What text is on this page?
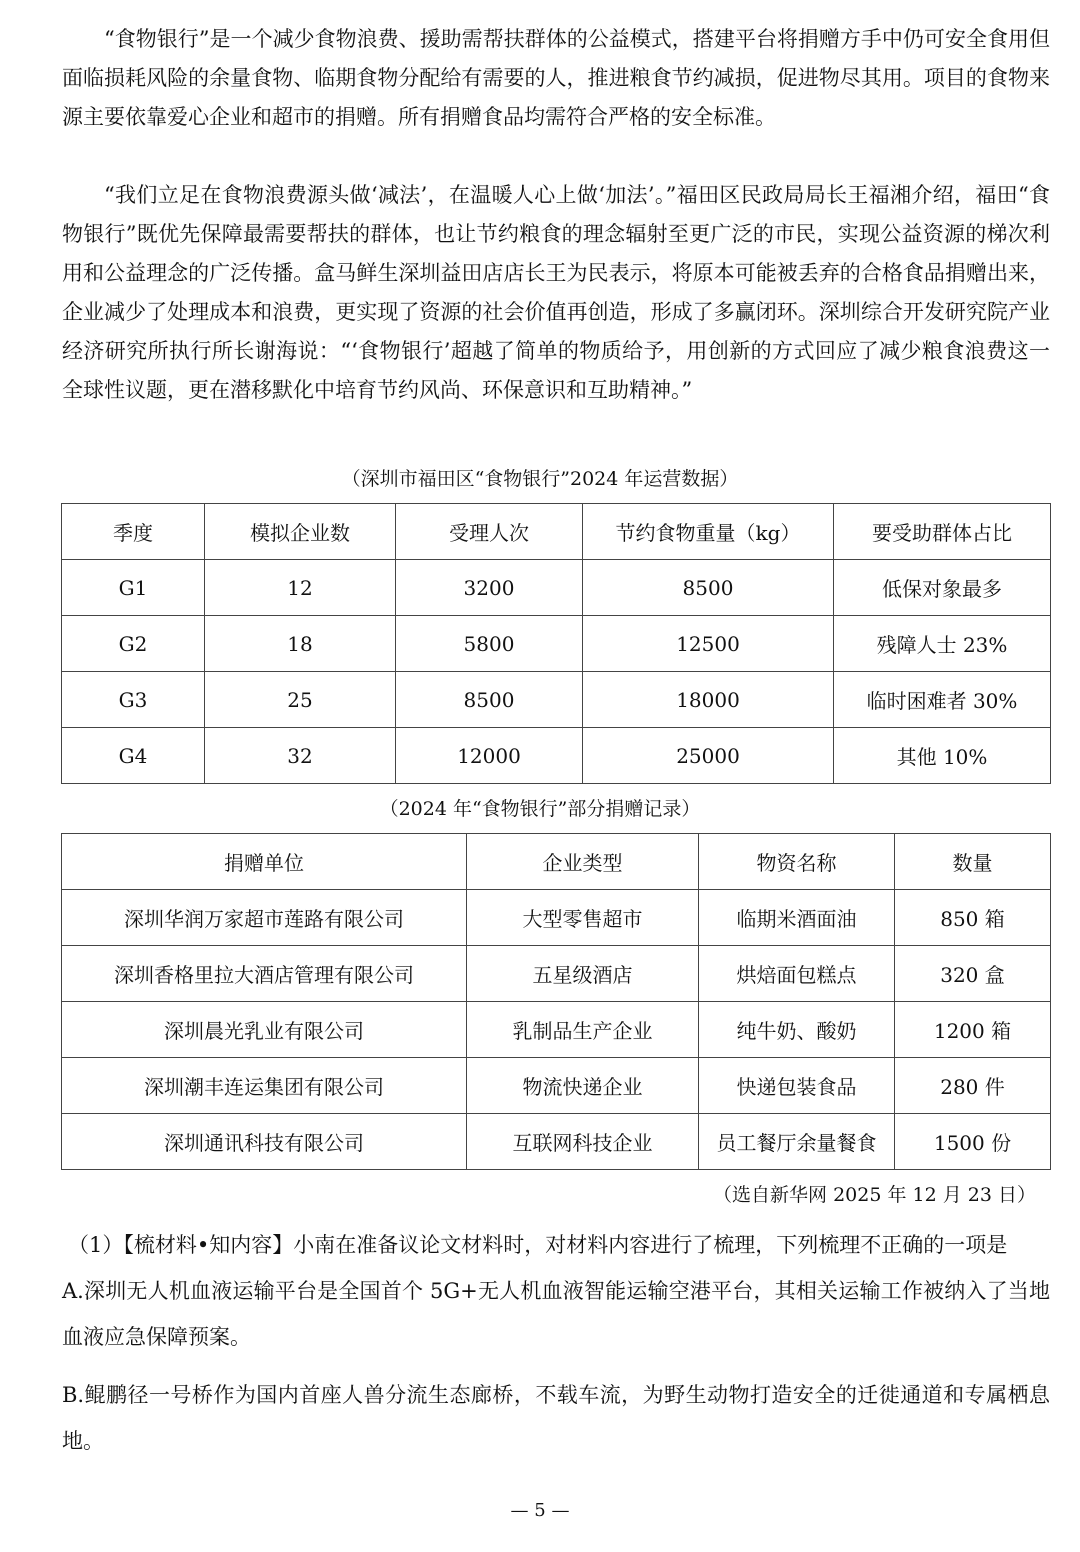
“食物银行”是一个减少食物浪费、援助需帮扶群体的公益模式，搭建平台将捐赠方手中仍可安全食用但面临损耗风险的余量食物、临期食物分配给有需要的人，推进粮食节约减损，促进物尽其用。项目的食物来源主要依靠爱心企业和超市的捐赠。所有捐赠食品均需符合严格的安全标准。

“我们立足在食物浪费源头做‘减法’，在温暖人心上做‘加法’。”福田区民政局局长王福湘介绍，福田“食物银行”既优先保障最需要帮扶的群体，也让节约粮食的理念辐射至更广泛的市民，实现公益资源的梯次利用和公益理念的广泛传播。盒马鲜生深圳益田店店长王为民表示，将原本可能被丢弃的合格食品捐赠出来，企业减少了处理成本和浪费，更实现了资源的社会价值再创造，形成了多赢闭环。深圳综合开发研究院产业经济研究所执行所长谢海说：“‘食物银行’超越了简单的物质给予，用创新的方式回应了减少粮食浪费这一全球性议题，更在潜移默化中培育节约风尚、环保意识和互助精神。”

（深圳市福田区“食物银行”2024 年运营数据）
季度	模拟企业数	受理人次	节约食物重量（kg）	要受助群体占比
G1	12	3200	8500	低保对象最多
G2	18	5800	12500	残障人士 23%
G3	25	8500	18000	临时困难者 30%
G4	32	12000	25000	其他 10%
（2024 年“食物银行”部分捐赠记录）
捐赠单位	企业类型	物资名称	数量
深圳华润万家超市莲路有限公司	大型零售超市	临期米酒面油	850 箱
深圳香格里拉大酒店管理有限公司	五星级酒店	烘焙面包糕点	320 盒
深圳晨光乳业有限公司	乳制品生产企业	纯牛奶、酸奶	1200 箱
深圳潮丰连运集团有限公司	物流快递企业	快递包装食品	280 件
深圳通讯科技有限公司	互联网科技企业	员工餐厅余量餐食	1500 份
（选自新华网 2025 年 12 月 23 日）

（1）【梳材料•知内容】小南在准备议论文材料时，对材料内容进行了梳理，下列梳理不正确的一项是

A.深圳无人机血液运输平台是全国首个 5G+无人机血液智能运输空港平台，其相关运输工作被纳入了当地血液应急保障预案。

B.鲲鹏径一号桥作为国内首座人兽分流生态廊桥，不载车流，为野生动物打造安全的迁徙通道和专属栖息地。

— 5 —
